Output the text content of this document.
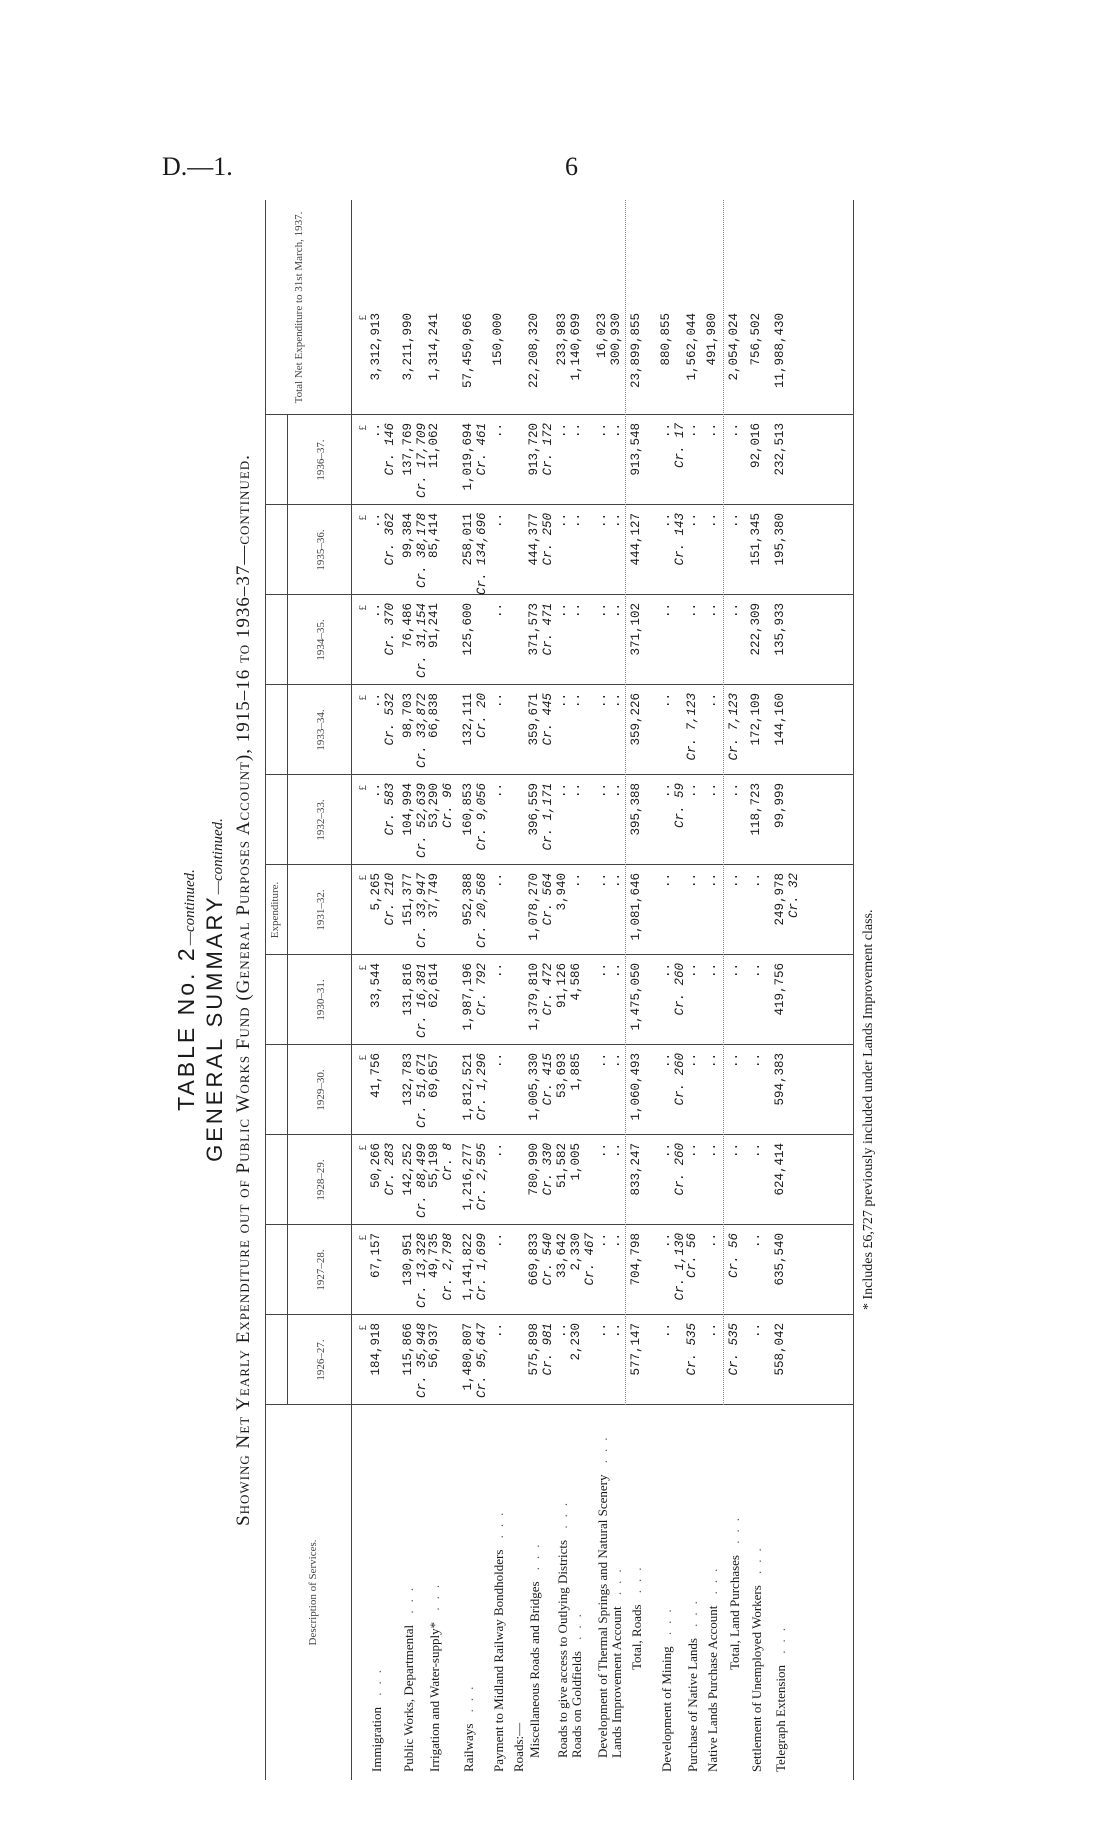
D.—1.	6
TABLE No. 2—continued. GENERAL SUMMARY—continued. Showing Net Yearly Expenditure out of Public Works Fund (General Purposes Account), 1915–16 to 1936–37—continued.
Description of Services.
Expenditure.
1926–27.
1927–28.
1928–29.
1929–30.
1930–31.
1931–32.
1932–33.
1933–34.
1934–35.
1935–36.
1936–37.
Total Net Expenditure to 31st March, 1937.
£
£
£
£
£
£
£
£
£
£
£
£
Immigration ...
184,918
67,157
50,266
41,756
33,544
5,265
..
..
..
..
..
3,312,913
Cr. 283
Cr. 210
Cr. 583
Cr. 532
Cr. 370
Cr. 362
Cr. 146
Public Works, Departmental ...
115,866
130,951
142,252
132,783
131,816
151,377
104,994
98,703
76,486
99,384
137,769
3,211,990
Cr. 35,948
Cr. 13,328
Cr. 88,499
Cr. 51,671
Cr. 16,381
Cr. 33,947
Cr. 52,639
Cr. 33,872
Cr. 31,154
Cr. 38,178
Cr. 17,709
Irrigation and Water-supply* ...
56,937
49,735
55,198
69,657
62,614
37,749
53,290
66,838
91,241
85,414
11,062
1,314,241
Cr. 2,798
Cr. 8
Cr. 96
Railways ...
1,480,807
1,141,822
1,216,277
1,812,521
1,987,196
952,388
160,853
132,111
125,600
258,011
1,019,694
57,450,966
Cr. 95,647
Cr. 1,699
Cr. 2,595
Cr. 1,296
Cr. 792
Cr. 20,568
Cr. 9,056
Cr. 20
Cr. 134,696
Cr. 461
Payment to Midland Railway Bondholders ...
..
..
..
..
..
..
..
..
..
..
..
150,000
Roads:— Miscellaneous Roads and Bridges ...
575,898
669,833
780,990
1,005,330
1,379,810
1,078,270
396,559
359,671
371,573
444,377
913,720
22,208,320
Cr. 981
Cr. 540
Cr. 330
Cr. 415
Cr. 472
Cr. 564
Cr. 1,171
Cr. 445
Cr. 471
Cr. 250
Cr. 172
Roads to give access to Outlying Districts ...
..
33,642
51,582
53,693
91,126
3,940
..
..
..
..
..
233,983
Roads on Goldfields ...
2,230
2,330
1,005
1,885
4,586
..
..
..
..
..
..
1,140,699
Cr. 467
Development of Thermal Springs and Natural Scenery ...
..
..
..
..
..
..
..
..
..
..
..
16,023
Lands Improvement Account ...
..
..
..
..
..
..
..
..
..
..
..
300,930
Total, Roads ...
577,147
704,798
833,247
1,060,493
1,475,050
1,081,646
395,388
359,226
371,102
444,127
913,548
23,899,855
Development of Mining ...
..
..
..
..
..
..
..
..
..
..
..
880,855
Cr. 1,130
Cr. 260
Cr. 260
Cr. 260
Cr. 59
Cr. 143
Cr. 17
Purchase of Native Lands ...
Cr. 535
Cr. 56
..
..
..
..
..
Cr. 7,123
..
..
..
1,562,044
Native Lands Purchase Account ...
..
..
..
..
..
..
..
..
..
..
..
491,980
Total, Land Purchases ...
Cr. 535
Cr. 56
..
..
..
..
..
Cr. 7,123
..
..
..
2,054,024
Settlement of Unemployed Workers ...
..
..
..
..
..
..
118,723
172,109
222,309
151,345
92,016
756,502
Telegraph Extension ...
558,042
635,540
624,414
594,383
419,756
249,978
99,999
144,160
135,933
195,380
232,513
11,988,430
Cr. 32
* Includes £6,727 previously included under Lands Improvement class.
